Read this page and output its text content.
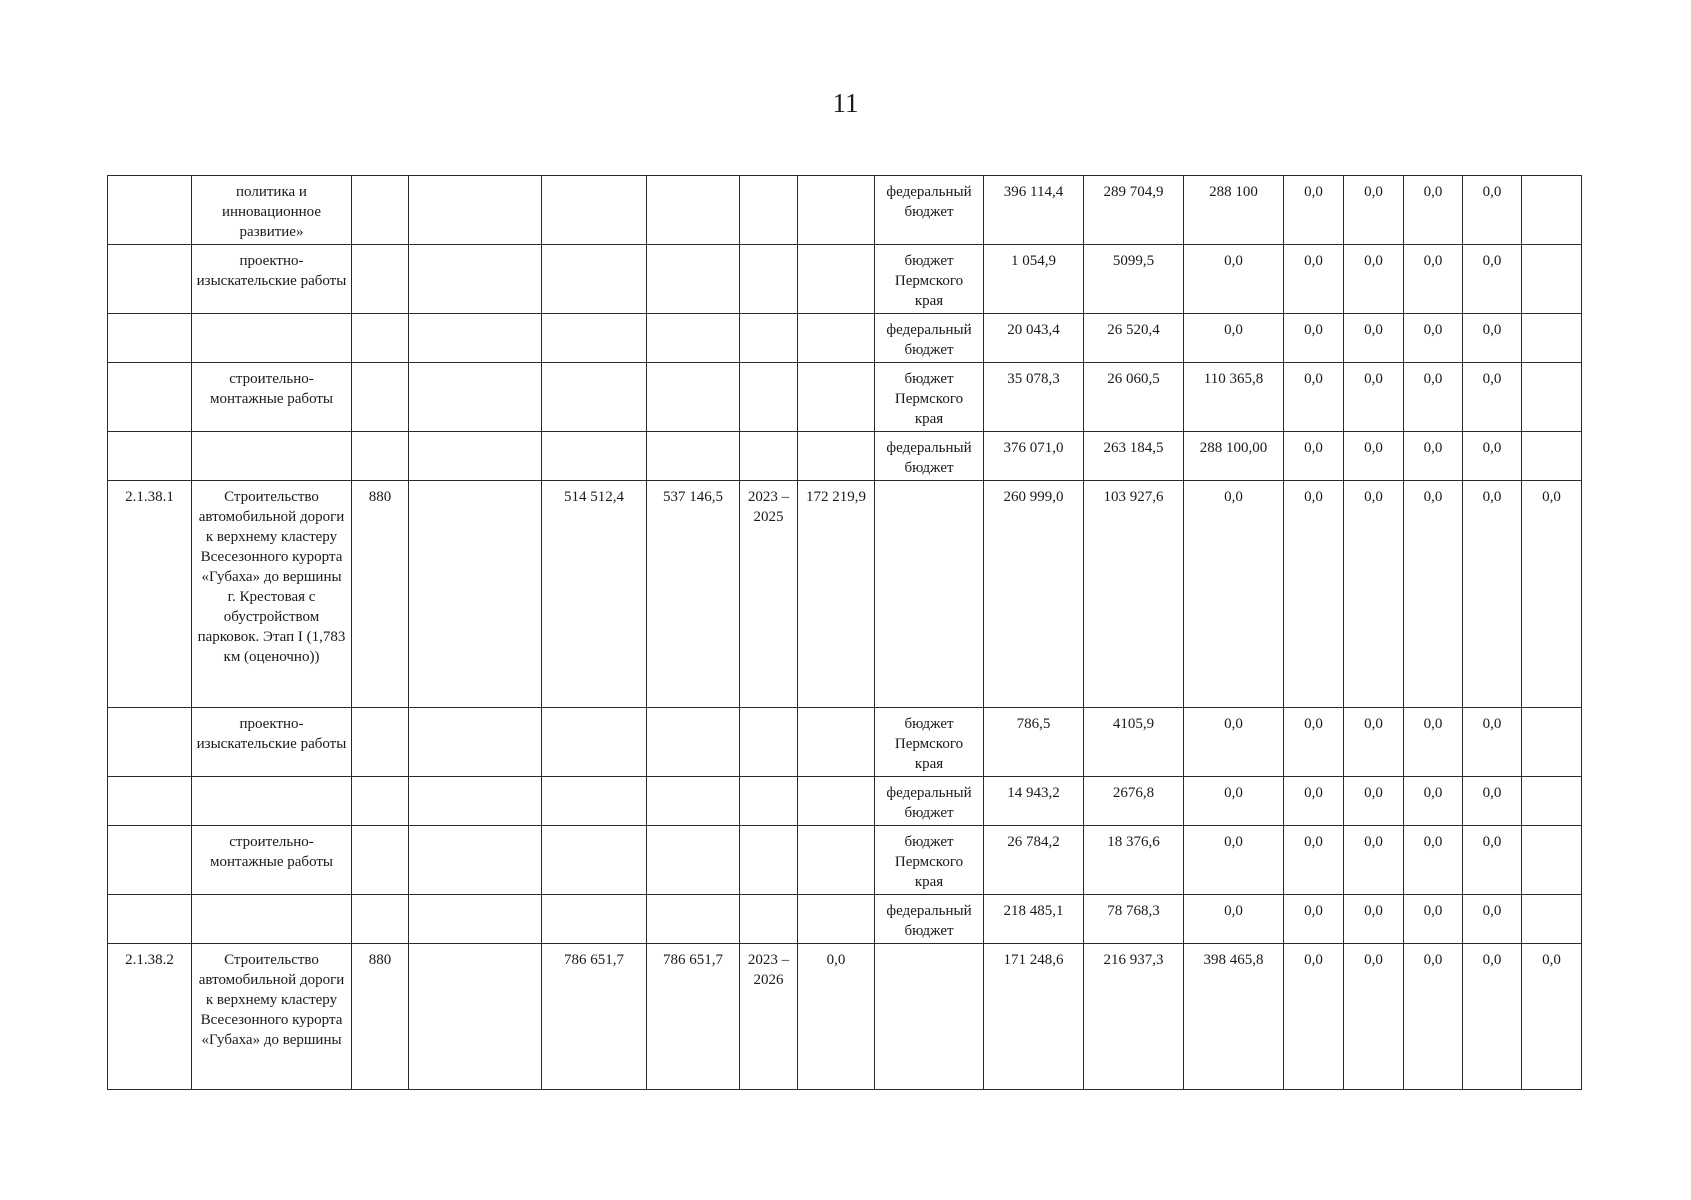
11
	политика и инновационное развитие»							федеральный бюджет	396 114,4	289 704,9	288 100	0,0	0,0	0,0	0,0	
	проектно-изыскательские работы							бюджет Пермского края	1 054,9	5099,5	0,0	0,0	0,0	0,0	0,0	
								федеральный бюджет	20 043,4	26 520,4	0,0	0,0	0,0	0,0	0,0	
	строительно-монтажные работы							бюджет Пермского края	35 078,3	26 060,5	110 365,8	0,0	0,0	0,0	0,0	
								федеральный бюджет	376 071,0	263 184,5	288 100,00	0,0	0,0	0,0	0,0	
2.1.38.1	Строительство автомобильной дороги к верхнему кластеру Всесезонного курорта «Губаха» до вершины г. Крестовая с обустройством парковок. Этап I (1,783 км (оценочно))	880		514 512,4	537 146,5	2023 – 2025	172 219,9		260 999,0	103 927,6	0,0	0,0	0,0	0,0	0,0	0,0
	проектно-изыскательские работы							бюджет Пермского края	786,5	4105,9	0,0	0,0	0,0	0,0	0,0	
								федеральный бюджет	14 943,2	2676,8	0,0	0,0	0,0	0,0	0,0	
	строительно-монтажные работы							бюджет Пермского края	26 784,2	18 376,6	0,0	0,0	0,0	0,0	0,0	
								федеральный бюджет	218 485,1	78 768,3	0,0	0,0	0,0	0,0	0,0	
2.1.38.2	Строительство автомобильной дороги к верхнему кластеру Всесезонного курорта «Губаха» до вершины	880		786 651,7	786 651,7	2023 – 2026	0,0		171 248,6	216 937,3	398 465,8	0,0	0,0	0,0	0,0	0,0
